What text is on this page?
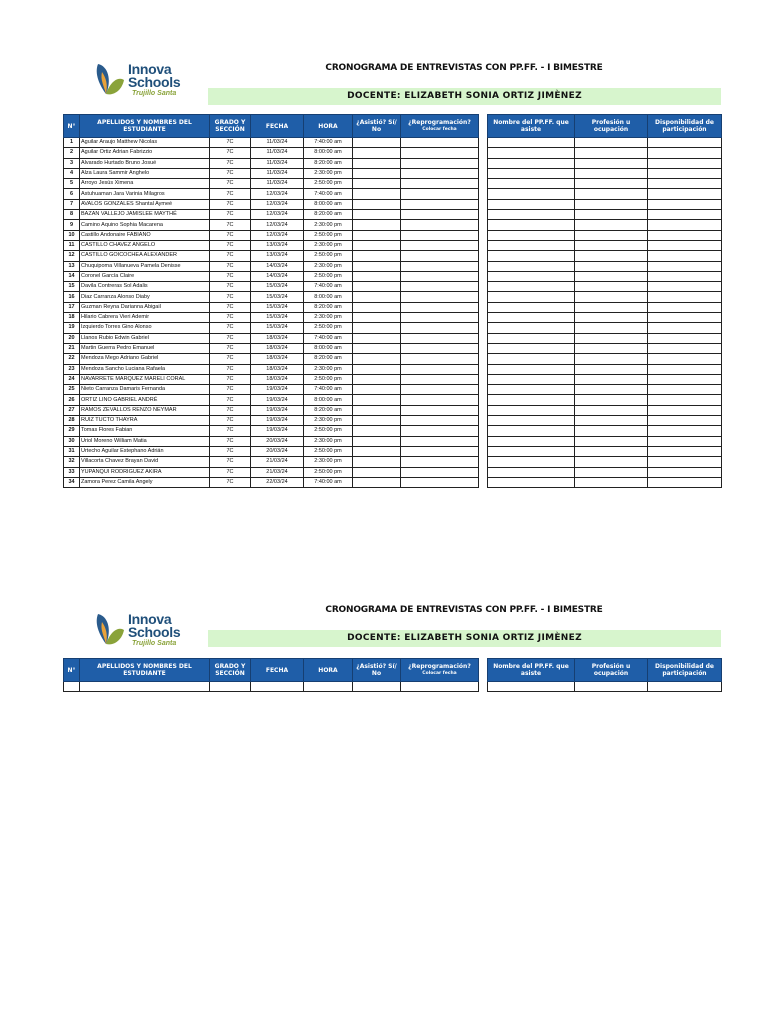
Innova
Schools
Trujillo Santa
CRONOGRAMA DE ENTREVISTAS CON PP.FF. - I BIMESTRE
DOCENTE: ELIZABETH SONIA ORTIZ JIMÈNEZ
N°	APELLIDOS Y NOMBRES DEL ESTUDIANTE	GRADO Y SECCIÓN	FECHA	HORA	¿Asistió? Sí/ No	¿Reprogramación?
Colocar fecha

1	Aguilar Araujo Matthew Nicolas	7C	11/03/24	7:40:00 am		
2	Aguilar Ortiz Adrian Fabrizzio	7C	11/03/24	8:00:00 am		
3	Alvarado Hurtado Bruno Josué	7C	11/03/24	8:20:00 am		
4	Alza Laura Sammir Anghelo	7C	11/03/24	2:30:00 pm		
5	Arroyo Jesús Ximena	7C	11/03/24	2:50:00 pm		
6	Astuhuaman Jara Varinia Milagros	7C	12/03/24	7:40:00 am		
7	AVALOS GONZALES Shantal Aymeé	7C	12/03/24	8:00:00 am		
8	BAZAN VALLEJO JAMISLEE MAYTHÉ	7C	12/03/24	8:20:00 am		
9	Camino Aquino Sophia Macarena	7C	12/03/24	2:30:00 pm		
10	Castillo Andonaire FABIANO	7C	12/03/24	2:50:00 pm		
11	CASTILLO CHAVEZ ANGELO	7C	13/03/24	2:30:00 pm		
12	CASTILLO GOICOCHEA ALEXANDER	7C	13/03/24	2:50:00 pm		
13	Chuquipoma Villanueva Pamela Denisse	7C	14/03/24	2:30:00 pm		
14	Coronel García Claire	7C	14/03/24	2:50:00 pm		
15	Davila Contreras Sol Adalis	7C	15/03/24	7:40:00 am		
16	Diaz Carranza Alonso Diaby	7C	15/03/24	8:00:00 am		
17	Guzman Reyna Darianna Abigail	7C	15/03/24	8:20:00 am		
18	Hilario Cabrera Vieri Ademir	7C	15/03/24	2:30:00 pm		
19	Izquierdo Torres Gino Alonso	7C	15/03/24	2:50:00 pm		
20	Llanos Rubio Edwin Gabriel	7C	18/03/24	7:40:00 am		
21	Martin Guerra Pedro Emanuel	7C	18/03/24	8:00:00 am		
22	Mendoza Mego Adriano Gabriel	7C	18/03/24	8:20:00 am		
23	Mendoza Sancho Luciana Rafaela	7C	18/03/24	2:30:00 pm		
24	NAVARRETE MARQUEZ MARELI CORAL	7C	18/03/24	2:50:00 pm		
25	Nieto Carranza Damaris Fernanda	7C	19/03/24	7:40:00 am		
26	ORTIZ LINO GABRIEL ANDRÉ	7C	19/03/24	8:00:00 am		
27	RAMOS ZEVALLOS RENZO NEYMAR	7C	19/03/24	8:20:00 am		
28	RUIZ TUCTO THAYRA	7C	19/03/24	2:30:00 pm		
29	Tomas Flores Fabian	7C	19/03/24	2:50:00 pm		
30	Uriol Moreno William Matia	7C	20/03/24	2:30:00 pm		
31	Urtecho Aguilar Estephano Adrián	7C	20/03/24	2:50:00 pm		
32	Villacorta Chavez Brayan David	7C	21/03/24	2:30:00 pm		
33	YUPANQUI RODRIGUEZ AKIRA	7C	21/03/24	2:50:00 pm		
34	Zamora Perez Camila Angely	7C	22/03/24	7:40:00 am		
Nombre del PP.FF. que asiste	Profesión u ocupación	Disponibilidad de participación

Innova
Schools
Trujillo Santa
CRONOGRAMA DE ENTREVISTAS CON PP.FF. - I BIMESTRE
DOCENTE: ELIZABETH SONIA ORTIZ JIMÈNEZ
N°	APELLIDOS Y NOMBRES DEL ESTUDIANTE	GRADO Y SECCIÓN	FECHA	HORA	¿Asistió? Sí/ No	¿Reprogramación?
Colocar fecha

Nombre del PP.FF. que asiste	Profesión u ocupación	Disponibilidad de participación
